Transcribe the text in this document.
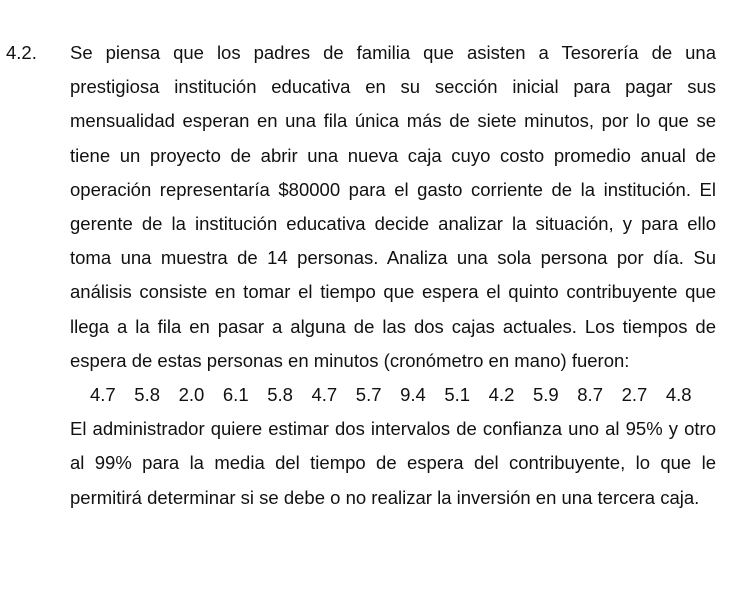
4.2. Se piensa que los padres de familia que asisten a Tesorería de una prestigiosa institución educativa en su sección inicial para pagar sus mensualidad esperan en una fila única más de siete minutos, por lo que se tiene un proyecto de abrir una nueva caja cuyo costo promedio anual de operación representaría $80000 para el gasto corriente de la institución. El gerente de la institución educativa decide analizar la situación, y para ello toma una muestra de 14 personas. Analiza una sola persona por día. Su análisis consiste en tomar el tiempo que espera el quinto contribuyente que llega a la fila en pasar a alguna de las dos cajas actuales. Los tiempos de espera de estas personas en minutos (cronómetro en mano) fueron:

4.7	5.8	2.0	6.1	5.8	4.7	5.7	9.4	5.1	4.2	5.9	8.7	2.7	4.8

El administrador quiere estimar dos intervalos de confianza uno al 95% y otro al 99% para la media del tiempo de espera del contribuyente, lo que le permitirá determinar si se debe o no realizar la inversión en una tercera caja.
